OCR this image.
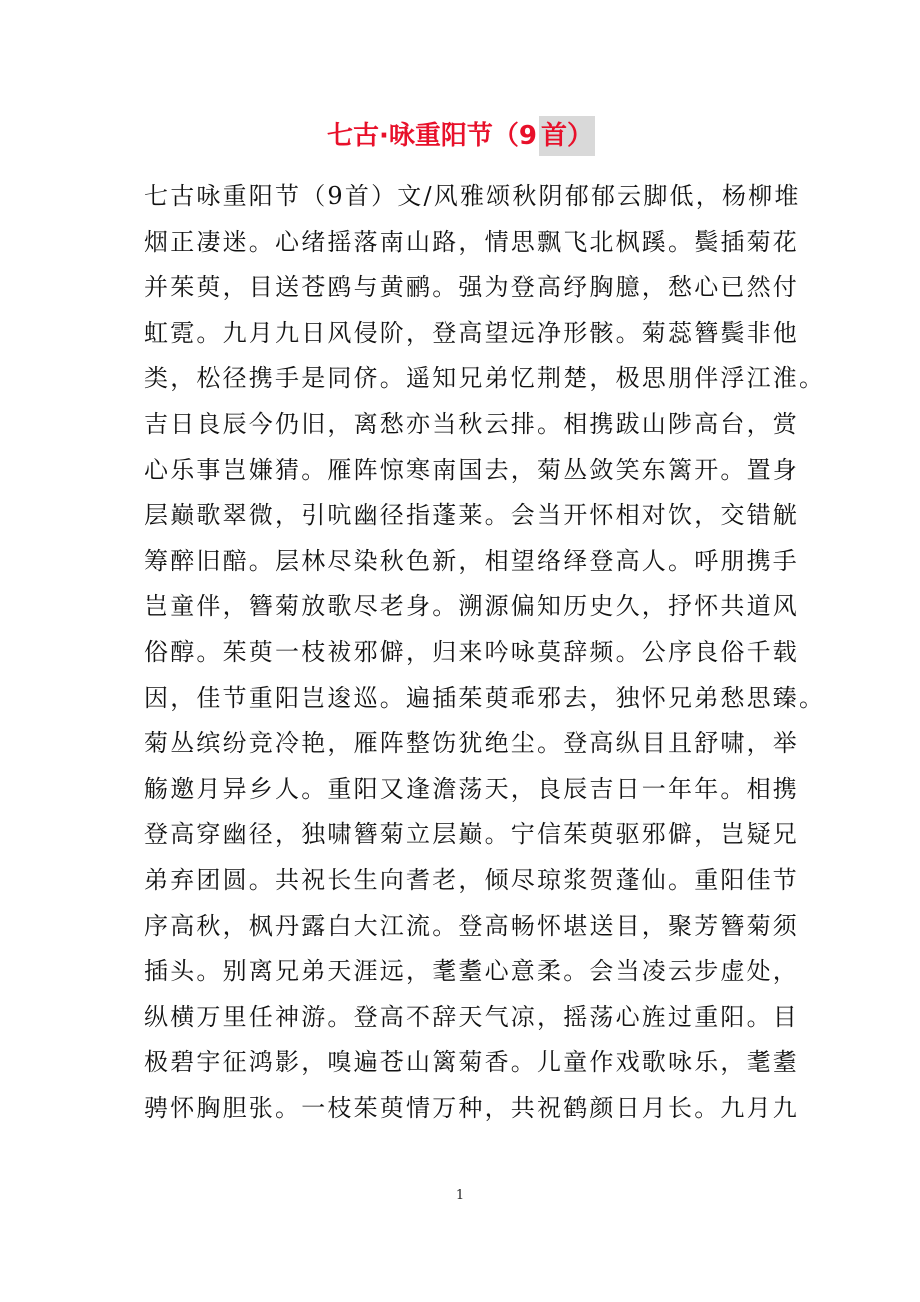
七古·咏重阳节（9 首）
七古咏重阳节（9首）文/风雅颂秋阴郁郁云脚低，杨柳堆
烟正凄迷。心绪摇落南山路，情思飘飞北枫蹊。鬓插菊花
并茱萸，目送苍鸥与黄鹂。强为登高纾胸臆，愁心已然付
虹霓。九月九日风侵阶，登高望远净形骸。菊蕊簪鬓非他
类，松径携手是同侪。遥知兄弟忆荆楚，极思朋伴浮江淮。
吉日良辰今仍旧，离愁亦当秋云排。相携跋山陟高台，赏
心乐事岂嫌猜。雁阵惊寒南国去，菊丛敛笑东篱开。置身
层巅歌翠微，引吭幽径指蓬莱。会当开怀相对饮，交错觥
筹醉旧醅。层林尽染秋色新，相望络绎登高人。呼朋携手
岂童伴，簪菊放歌尽老身。溯源偏知历史久，抒怀共道风
俗醇。茱萸一枝袚邪僻，归来吟咏莫辞频。公序良俗千载
因，佳节重阳岂逡巡。遍插茱萸乖邪去，独怀兄弟愁思臻。
菊丛缤纷竞冷艳，雁阵整饬犹绝尘。登高纵目且舒啸，举
觞邀月异乡人。重阳又逢澹荡天，良辰吉日一年年。相携
登高穿幽径，独啸簪菊立层巅。宁信茱萸驱邪僻，岂疑兄
弟弃团圆。共祝长生向耆老，倾尽琼浆贺蓬仙。重阳佳节
序高秋，枫丹露白大江流。登高畅怀堪送目，聚芳簪菊须
插头。别离兄弟天涯远，耄耋心意柔。会当凌云步虚处，
纵横万里任神游。登高不辞天气凉，摇荡心旌过重阳。目
极碧宇征鸿影，嗅遍苍山篱菊香。儿童作戏歌咏乐，耄耋
骋怀胸胆张。一枝茱萸情万种，共祝鹤颜日月长。九月九
1
